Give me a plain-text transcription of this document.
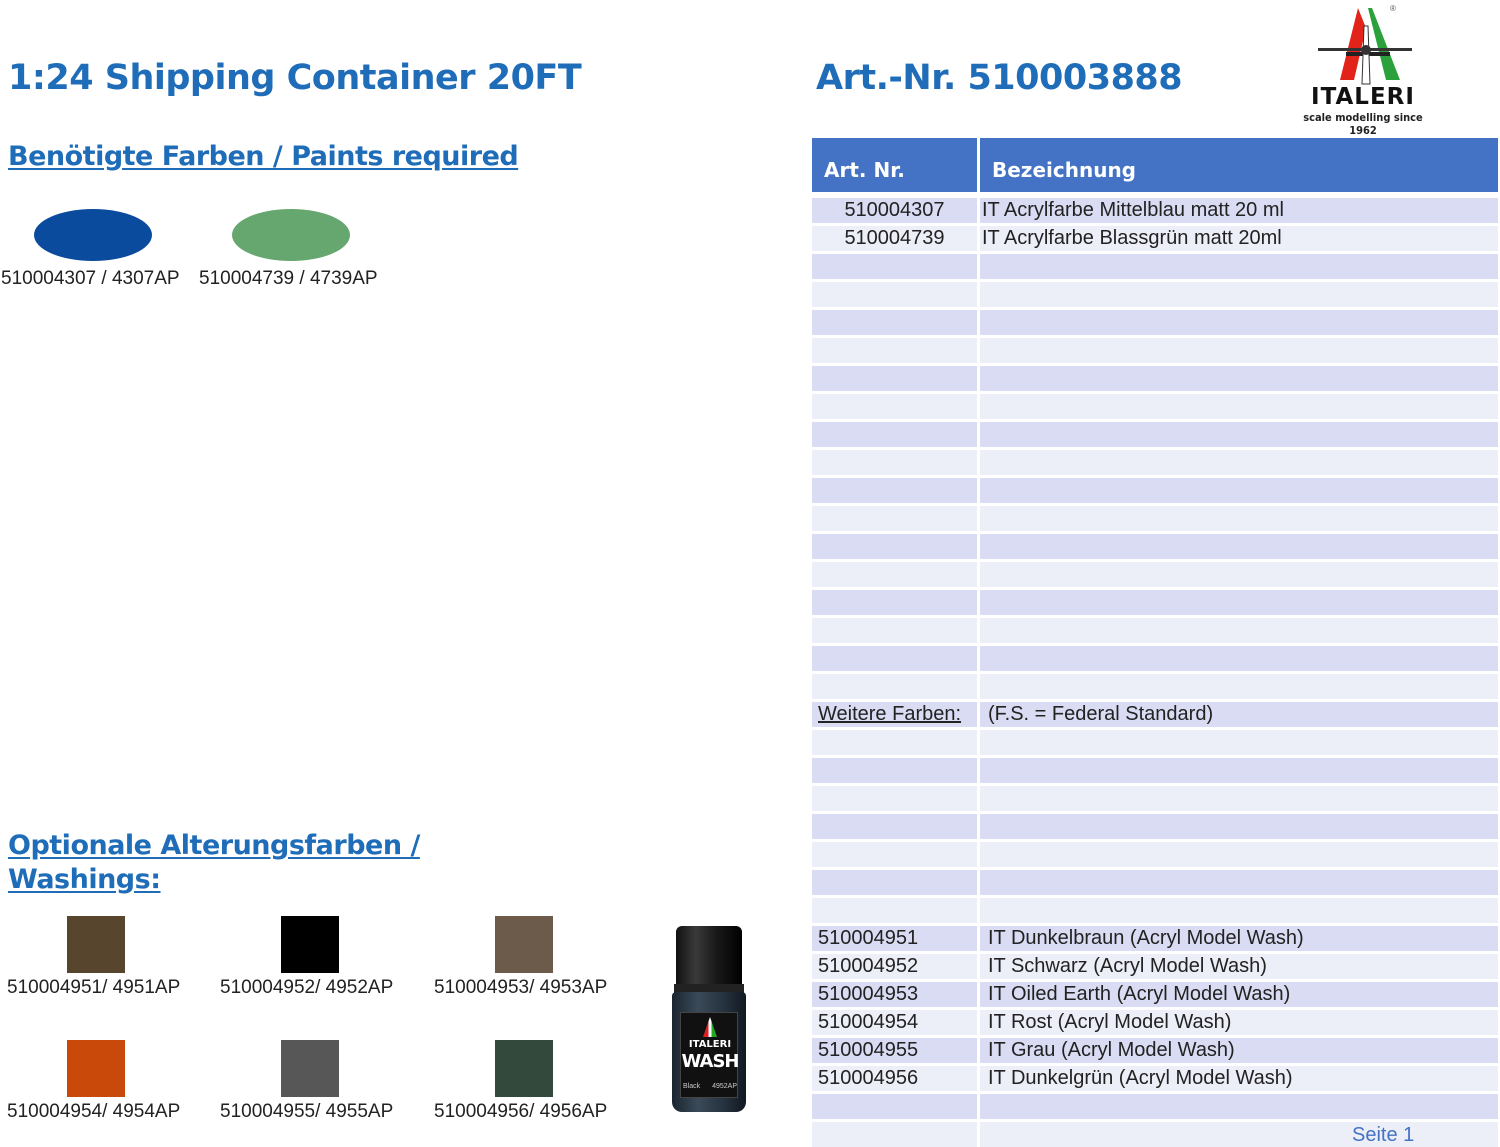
1:24 Shipping Container 20FT	Art.-Nr. 510003888
®
ITALERI
scale modelling since 1962
Benötigte Farben / Paints required
510004307 / 4307AP 510004739 / 4739AP
Optionale Alterungsfarben /
Washings:
510004951/ 4951AP 510004952/ 4952AP 510004953/ 4953AP
510004954/ 4954AP 510004955/ 4955AP 510004956/ 4956AP
ITALERI
WASH
Black 4952AP
Art. Nr.	Bezeichnung
510004307	IT Acrylfarbe Mittelblau matt 20 ml
510004739	IT Acrylfarbe Blassgrün matt 20ml
Weitere Farben:	(F.S. = Federal Standard)
510004951	IT Dunkelbraun (Acryl Model Wash)
510004952	IT Schwarz (Acryl Model Wash)
510004953	IT Oiled Earth (Acryl Model Wash)
510004954	IT Rost (Acryl Model Wash)
510004955	IT Grau (Acryl Model Wash)
510004956	IT Dunkelgrün (Acryl Model Wash)
Seite 1
